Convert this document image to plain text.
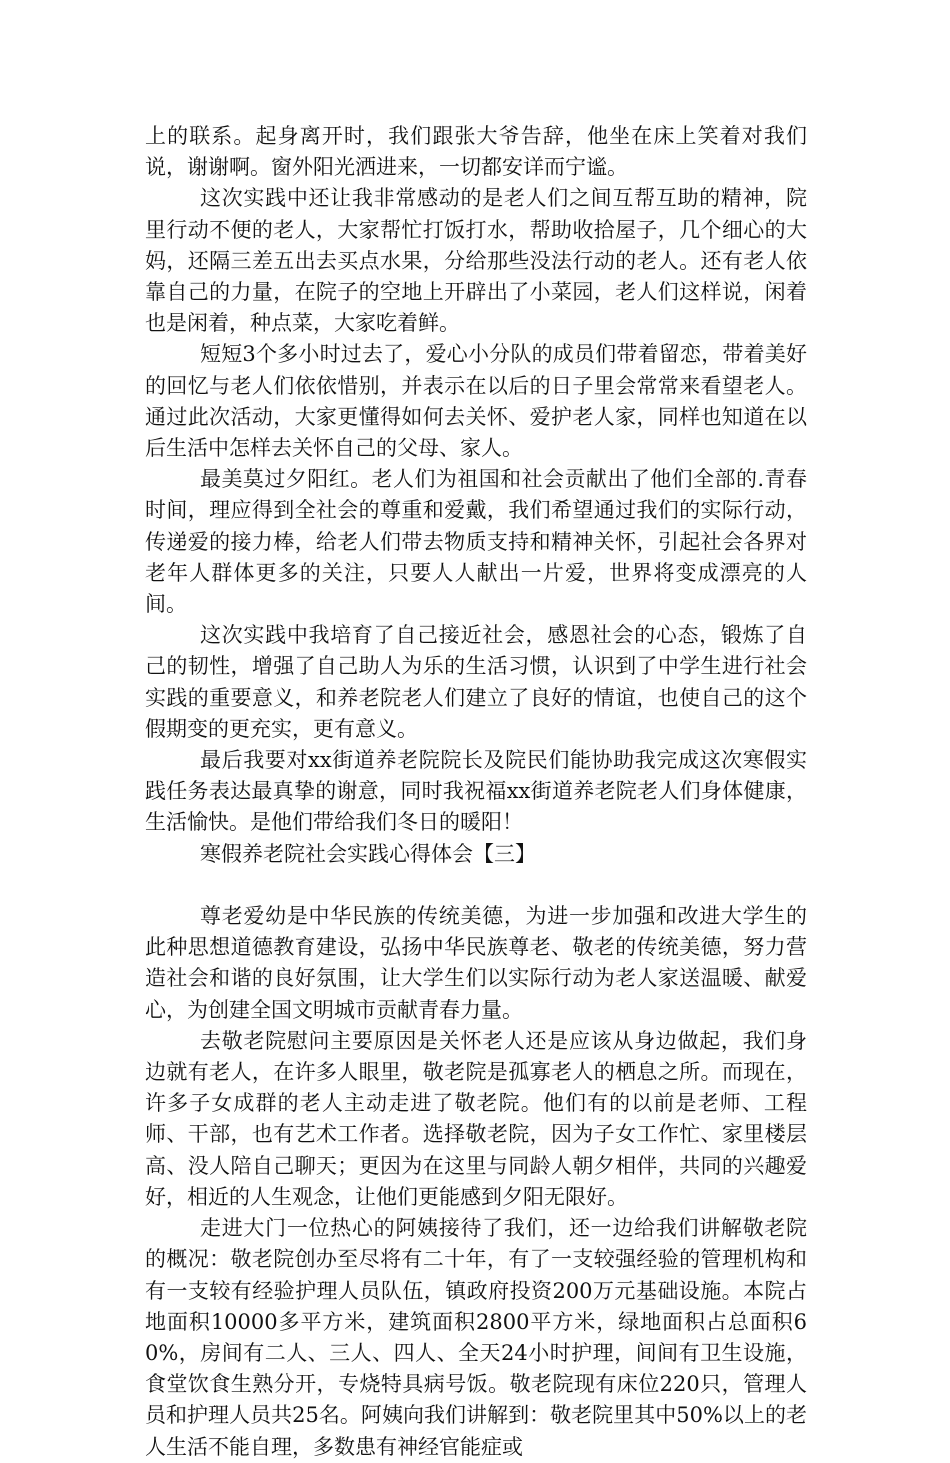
上的联系。起身离开时，我们跟张大爷告辞，他坐在床上笑着对我们说，谢谢啊。窗外阳光洒进来，一切都安详而宁谧。

这次实践中还让我非常感动的是老人们之间互帮互助的精神，院里行动不便的老人，大家帮忙打饭打水，帮助收拾屋子，几个细心的大妈，还隔三差五出去买点水果，分给那些没法行动的老人。还有老人依靠自己的力量，在院子的空地上开辟出了小菜园，老人们这样说，闲着也是闲着，种点菜，大家吃着鲜。

短短3个多小时过去了，爱心小分队的成员们带着留恋，带着美好的回忆与老人们依依惜别，并表示在以后的日子里会常常来看望老人。通过此次活动，大家更懂得如何去关怀、爱护老人家，同样也知道在以后生活中怎样去关怀自己的父母、家人。

最美莫过夕阳红。老人们为祖国和社会贡献出了他们全部的.青春时间，理应得到全社会的尊重和爱戴，我们希望通过我们的实际行动，传递爱的接力棒，给老人们带去物质支持和精神关怀，引起社会各界对老年人群体更多的关注，只要人人献出一片爱，世界将变成漂亮的人间。

这次实践中我培育了自己接近社会，感恩社会的心态，锻炼了自己的韧性，增强了自己助人为乐的生活习惯，认识到了中学生进行社会实践的重要意义，和养老院老人们建立了良好的情谊，也使自己的这个假期变的更充实，更有意义。

最后我要对xx街道养老院院长及院民们能协助我完成这次寒假实践任务表达最真挚的谢意，同时我祝福xx街道养老院老人们身体健康，生活愉快。是他们带给我们冬日的暖阳！

寒假养老院社会实践心得体会【三】

尊老爱幼是中华民族的传统美德，为进一步加强和改进大学生的此种思想道德教育建设，弘扬中华民族尊老、敬老的传统美德，努力营造社会和谐的良好氛围，让大学生们以实际行动为老人家送温暖、献爱心，为创建全国文明城市贡献青春力量。

去敬老院慰问主要原因是关怀老人还是应该从身边做起，我们身边就有老人，在许多人眼里，敬老院是孤寡老人的栖息之所。而现在，许多子女成群的老人主动走进了敬老院。他们有的以前是老师、工程师、干部，也有艺术工作者。选择敬老院，因为子女工作忙、家里楼层高、没人陪自己聊天；更因为在这里与同龄人朝夕相伴，共同的兴趣爱好，相近的人生观念，让他们更能感到夕阳无限好。

走进大门一位热心的阿姨接待了我们，还一边给我们讲解敬老院的概况：敬老院创办至尽将有二十年，有了一支较强经验的管理机构和有一支较有经验护理人员队伍，镇政府投资200万元基础设施。本院占地面积10000多平方米，建筑面积2800平方米，绿地面积占总面积60%，房间有二人、三人、四人、全天24小时护理，间间有卫生设施，食堂饮食生熟分开，专烧特具病号饭。敬老院现有床位220只，管理人员和护理人员共25名。阿姨向我们讲解到：敬老院里其中50%以上的老人生活不能自理，多数患有神经官能症或
